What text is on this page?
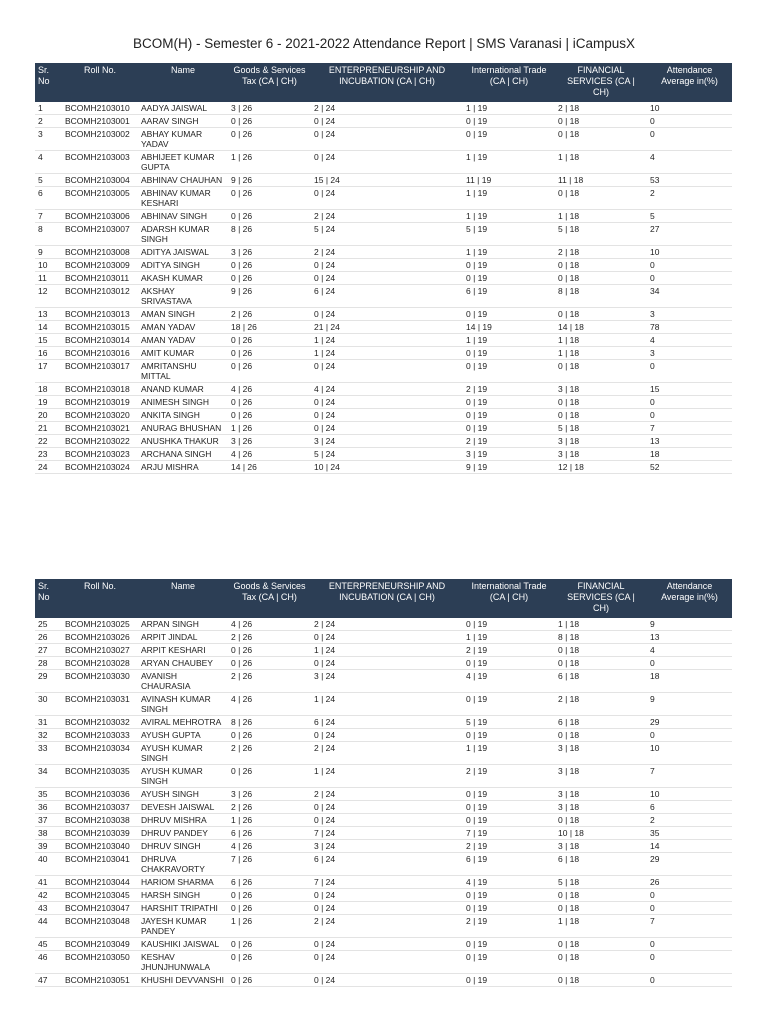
BCOM(H) - Semester 6 - 2021-2022 Attendance Report | SMS Varanasi | iCampusX
Sr. No	Roll No.	Name	Goods & Services Tax (CA | CH)	ENTERPRENEURSHIP AND INCUBATION (CA | CH)	International Trade (CA | CH)	FINANCIAL SERVICES (CA | CH)	Attendance Average in(%)
1	BCOMH2103010	AADYA JAISWAL	3 | 26	2 | 24	1 | 19	2 | 18	10
2	BCOMH2103001	AARAV SINGH	0 | 26	0 | 24	0 | 19	0 | 18	0
3	BCOMH2103002	ABHAY KUMAR YADAV	0 | 26	0 | 24	0 | 19	0 | 18	0
4	BCOMH2103003	ABHIJEET KUMAR GUPTA	1 | 26	0 | 24	1 | 19	1 | 18	4
5	BCOMH2103004	ABHINAV CHAUHAN	9 | 26	15 | 24	11 | 19	11 | 18	53
6	BCOMH2103005	ABHINAV KUMAR KESHARI	0 | 26	0 | 24	1 | 19	0 | 18	2
7	BCOMH2103006	ABHINAV SINGH	0 | 26	2 | 24	1 | 19	1 | 18	5
8	BCOMH2103007	ADARSH KUMAR SINGH	8 | 26	5 | 24	5 | 19	5 | 18	27
9	BCOMH2103008	ADITYA JAISWAL	3 | 26	2 | 24	1 | 19	2 | 18	10
10	BCOMH2103009	ADITYA SINGH	0 | 26	0 | 24	0 | 19	0 | 18	0
11	BCOMH2103011	AKASH KUMAR	0 | 26	0 | 24	0 | 19	0 | 18	0
12	BCOMH2103012	AKSHAY SRIVASTAVA	9 | 26	6 | 24	6 | 19	8 | 18	34
13	BCOMH2103013	AMAN SINGH	2 | 26	0 | 24	0 | 19	0 | 18	3
14	BCOMH2103015	AMAN YADAV	18 | 26	21 | 24	14 | 19	14 | 18	78
15	BCOMH2103014	AMAN YADAV	0 | 26	1 | 24	1 | 19	1 | 18	4
16	BCOMH2103016	AMIT KUMAR	0 | 26	1 | 24	0 | 19	1 | 18	3
17	BCOMH2103017	AMRITANSHU MITTAL	0 | 26	0 | 24	0 | 19	0 | 18	0
18	BCOMH2103018	ANAND KUMAR	4 | 26	4 | 24	2 | 19	3 | 18	15
19	BCOMH2103019	ANIMESH SINGH	0 | 26	0 | 24	0 | 19	0 | 18	0
20	BCOMH2103020	ANKITA SINGH	0 | 26	0 | 24	0 | 19	0 | 18	0
21	BCOMH2103021	ANURAG BHUSHAN	1 | 26	0 | 24	0 | 19	5 | 18	7
22	BCOMH2103022	ANUSHKA THAKUR	3 | 26	3 | 24	2 | 19	3 | 18	13
23	BCOMH2103023	ARCHANA SINGH	4 | 26	5 | 24	3 | 19	3 | 18	18
24	BCOMH2103024	ARJU MISHRA	14 | 26	10 | 24	9 | 19	12 | 18	52
Sr. No	Roll No.	Name	Goods & Services Tax (CA | CH)	ENTERPRENEURSHIP AND INCUBATION (CA | CH)	International Trade (CA | CH)	FINANCIAL SERVICES (CA | CH)	Attendance Average in(%)
25	BCOMH2103025	ARPAN SINGH	4 | 26	2 | 24	0 | 19	1 | 18	9
26	BCOMH2103026	ARPIT JINDAL	2 | 26	0 | 24	1 | 19	8 | 18	13
27	BCOMH2103027	ARPIT KESHARI	0 | 26	1 | 24	2 | 19	0 | 18	4
28	BCOMH2103028	ARYAN CHAUBEY	0 | 26	0 | 24	0 | 19	0 | 18	0
29	BCOMH2103030	AVANISH CHAURASIA	2 | 26	3 | 24	4 | 19	6 | 18	18
30	BCOMH2103031	AVINASH KUMAR SINGH	4 | 26	1 | 24	0 | 19	2 | 18	9
31	BCOMH2103032	AVIRAL MEHROTRA	8 | 26	6 | 24	5 | 19	6 | 18	29
32	BCOMH2103033	AYUSH GUPTA	0 | 26	0 | 24	0 | 19	0 | 18	0
33	BCOMH2103034	AYUSH KUMAR SINGH	2 | 26	2 | 24	1 | 19	3 | 18	10
34	BCOMH2103035	AYUSH KUMAR SINGH	0 | 26	1 | 24	2 | 19	3 | 18	7
35	BCOMH2103036	AYUSH SINGH	3 | 26	2 | 24	0 | 19	3 | 18	10
36	BCOMH2103037	DEVESH JAISWAL	2 | 26	0 | 24	0 | 19	3 | 18	6
37	BCOMH2103038	DHRUV MISHRA	1 | 26	0 | 24	0 | 19	0 | 18	2
38	BCOMH2103039	DHRUV PANDEY	6 | 26	7 | 24	7 | 19	10 | 18	35
39	BCOMH2103040	DHRUV SINGH	4 | 26	3 | 24	2 | 19	3 | 18	14
40	BCOMH2103041	DHRUVA CHAKRAVORTY	7 | 26	6 | 24	6 | 19	6 | 18	29
41	BCOMH2103044	HARIOM SHARMA	6 | 26	7 | 24	4 | 19	5 | 18	26
42	BCOMH2103045	HARSH SINGH	0 | 26	0 | 24	0 | 19	0 | 18	0
43	BCOMH2103047	HARSHIT TRIPATHI	0 | 26	0 | 24	0 | 19	0 | 18	0
44	BCOMH2103048	JAYESH KUMAR PANDEY	1 | 26	2 | 24	2 | 19	1 | 18	7
45	BCOMH2103049	KAUSHIKI JAISWAL	0 | 26	0 | 24	0 | 19	0 | 18	0
46	BCOMH2103050	KESHAV JHUNJHUNWALA	0 | 26	0 | 24	0 | 19	0 | 18	0
47	BCOMH2103051	KHUSHI DEVVANSHI	0 | 26	0 | 24	0 | 19	0 | 18	0
